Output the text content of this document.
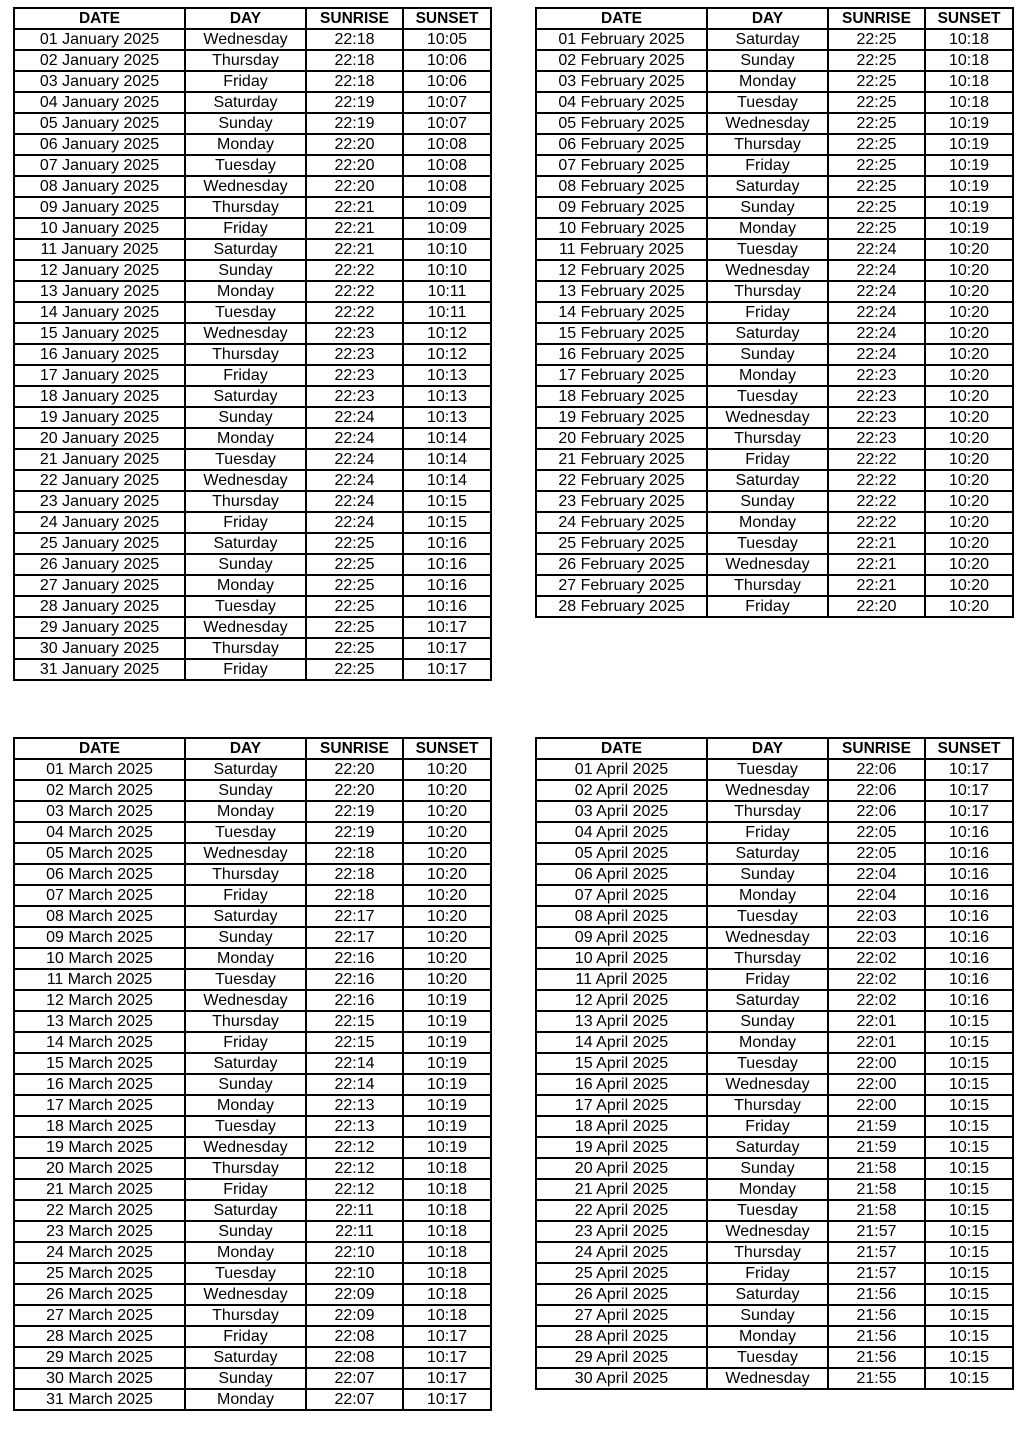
DATE	DAY	SUNRISE	SUNSET
01 January 2025	Wednesday	22:18	10:05
02 January 2025	Thursday	22:18	10:06
03 January 2025	Friday	22:18	10:06
04 January 2025	Saturday	22:19	10:07
05 January 2025	Sunday	22:19	10:07
06 January 2025	Monday	22:20	10:08
07 January 2025	Tuesday	22:20	10:08
08 January 2025	Wednesday	22:20	10:08
09 January 2025	Thursday	22:21	10:09
10 January 2025	Friday	22:21	10:09
11 January 2025	Saturday	22:21	10:10
12 January 2025	Sunday	22:22	10:10
13 January 2025	Monday	22:22	10:11
14 January 2025	Tuesday	22:22	10:11
15 January 2025	Wednesday	22:23	10:12
16 January 2025	Thursday	22:23	10:12
17 January 2025	Friday	22:23	10:13
18 January 2025	Saturday	22:23	10:13
19 January 2025	Sunday	22:24	10:13
20 January 2025	Monday	22:24	10:14
21 January 2025	Tuesday	22:24	10:14
22 January 2025	Wednesday	22:24	10:14
23 January 2025	Thursday	22:24	10:15
24 January 2025	Friday	22:24	10:15
25 January 2025	Saturday	22:25	10:16
26 January 2025	Sunday	22:25	10:16
27 January 2025	Monday	22:25	10:16
28 January 2025	Tuesday	22:25	10:16
29 January 2025	Wednesday	22:25	10:17
30 January 2025	Thursday	22:25	10:17
31 January 2025	Friday	22:25	10:17
DATE	DAY	SUNRISE	SUNSET
01 February 2025	Saturday	22:25	10:18
02 February 2025	Sunday	22:25	10:18
03 February 2025	Monday	22:25	10:18
04 February 2025	Tuesday	22:25	10:18
05 February 2025	Wednesday	22:25	10:19
06 February 2025	Thursday	22:25	10:19
07 February 2025	Friday	22:25	10:19
08 February 2025	Saturday	22:25	10:19
09 February 2025	Sunday	22:25	10:19
10 February 2025	Monday	22:25	10:19
11 February 2025	Tuesday	22:24	10:20
12 February 2025	Wednesday	22:24	10:20
13 February 2025	Thursday	22:24	10:20
14 February 2025	Friday	22:24	10:20
15 February 2025	Saturday	22:24	10:20
16 February 2025	Sunday	22:24	10:20
17 February 2025	Monday	22:23	10:20
18 February 2025	Tuesday	22:23	10:20
19 February 2025	Wednesday	22:23	10:20
20 February 2025	Thursday	22:23	10:20
21 February 2025	Friday	22:22	10:20
22 February 2025	Saturday	22:22	10:20
23 February 2025	Sunday	22:22	10:20
24 February 2025	Monday	22:22	10:20
25 February 2025	Tuesday	22:21	10:20
26 February 2025	Wednesday	22:21	10:20
27 February 2025	Thursday	22:21	10:20
28 February 2025	Friday	22:20	10:20
DATE	DAY	SUNRISE	SUNSET
01 March 2025	Saturday	22:20	10:20
02 March 2025	Sunday	22:20	10:20
03 March 2025	Monday	22:19	10:20
04 March 2025	Tuesday	22:19	10:20
05 March 2025	Wednesday	22:18	10:20
06 March 2025	Thursday	22:18	10:20
07 March 2025	Friday	22:18	10:20
08 March 2025	Saturday	22:17	10:20
09 March 2025	Sunday	22:17	10:20
10 March 2025	Monday	22:16	10:20
11 March 2025	Tuesday	22:16	10:20
12 March 2025	Wednesday	22:16	10:19
13 March 2025	Thursday	22:15	10:19
14 March 2025	Friday	22:15	10:19
15 March 2025	Saturday	22:14	10:19
16 March 2025	Sunday	22:14	10:19
17 March 2025	Monday	22:13	10:19
18 March 2025	Tuesday	22:13	10:19
19 March 2025	Wednesday	22:12	10:19
20 March 2025	Thursday	22:12	10:18
21 March 2025	Friday	22:12	10:18
22 March 2025	Saturday	22:11	10:18
23 March 2025	Sunday	22:11	10:18
24 March 2025	Monday	22:10	10:18
25 March 2025	Tuesday	22:10	10:18
26 March 2025	Wednesday	22:09	10:18
27 March 2025	Thursday	22:09	10:18
28 March 2025	Friday	22:08	10:17
29 March 2025	Saturday	22:08	10:17
30 March 2025	Sunday	22:07	10:17
31 March 2025	Monday	22:07	10:17
DATE	DAY	SUNRISE	SUNSET
01 April 2025	Tuesday	22:06	10:17
02 April 2025	Wednesday	22:06	10:17
03 April 2025	Thursday	22:06	10:17
04 April 2025	Friday	22:05	10:16
05 April 2025	Saturday	22:05	10:16
06 April 2025	Sunday	22:04	10:16
07 April 2025	Monday	22:04	10:16
08 April 2025	Tuesday	22:03	10:16
09 April 2025	Wednesday	22:03	10:16
10 April 2025	Thursday	22:02	10:16
11 April 2025	Friday	22:02	10:16
12 April 2025	Saturday	22:02	10:16
13 April 2025	Sunday	22:01	10:15
14 April 2025	Monday	22:01	10:15
15 April 2025	Tuesday	22:00	10:15
16 April 2025	Wednesday	22:00	10:15
17 April 2025	Thursday	22:00	10:15
18 April 2025	Friday	21:59	10:15
19 April 2025	Saturday	21:59	10:15
20 April 2025	Sunday	21:58	10:15
21 April 2025	Monday	21:58	10:15
22 April 2025	Tuesday	21:58	10:15
23 April 2025	Wednesday	21:57	10:15
24 April 2025	Thursday	21:57	10:15
25 April 2025	Friday	21:57	10:15
26 April 2025	Saturday	21:56	10:15
27 April 2025	Sunday	21:56	10:15
28 April 2025	Monday	21:56	10:15
29 April 2025	Tuesday	21:56	10:15
30 April 2025	Wednesday	21:55	10:15
